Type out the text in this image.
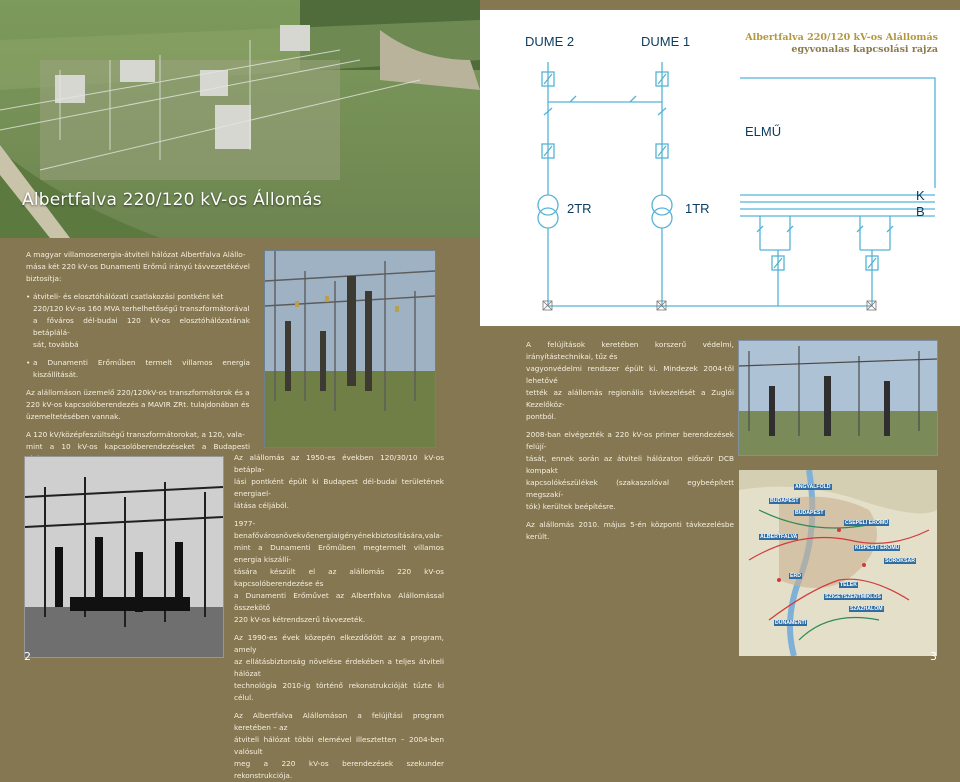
Albertfalva 220/120 kV-os Állomás
A magyar villamosenergia-átviteli hálózat Albertfalva Alállo-
mása két 220 kV-os Dunamenti Erőmű irányú távvezetékével
biztosítja:
• átviteli- és elosztóhálózati csatlakozási pontként két
220/120 kV-os 160 MVA terhelhetőségű transzformátorával
a főváros dél-budai 120 kV-os elosztóhálózatának betáplálá-
sát, továbbá
• a Dunamenti Erőműben termelt villamos energia kiszállítását.
Az alállomáson üzemelő 220/120kV-os transzformátorok és a
220 kV-os kapcsolóberendezés a MAVIR ZRt. tulajdonában és
üzemeltetésében vannak.
A 120 kV/középfeszültségű transzformátorokat, a 120, vala-
mint a 10 kV-os kapcsolóberendezéseket a Budapesti
Az alállomás az 1950-es években 120/30/10 kV-os betápla-
lási pontként épült ki Budapest dél-budai területének energiael-
látása céljából.
1977-benafővárosnövekvőenergiaigényénekbiztosítására,vala-
mint a Dunamenti Erőműben megtermelt villamos energia kiszállí-
tására készült el az alállomás 220 kV-os kapcsolóberendezése és
a Dunamenti Erőművet az Albertfalva Alállomással összekötő
220 kV-os kétrendszerű távvezeték.
Az 1990-es évek közepén elkezdődött az a program, amely
az ellátásbiztonság növelése érdekében a teljes átviteli hálózat
technológia 2010-ig történő rekonstrukcióját tűzte ki célul.
Az Albertfalva Alállomáson a felújítási program keretében – az
átviteli hálózat többi elemével illesztetten – 2004-ben valósult
meg a 220 kV-os berendezések szekunder rekonstrukciója.
2
DUME 2	DUME 1
ELMŰ
2TR	1TR
K
B
Albertfalva 220/120 kV-os Alállomás
egyvonalas kapcsolási rajza
A felújítások keretében korszerű védelmi, irányítástechnikai, tűz és
vagyonvédelmi rendszer épült ki. Mindezek 2004-től lehetővé
tették az alállomás regionális távkezelését a Zuglói Kezelőköz-
pontból.
2008-ban elvégezték a 220 kV-os primer berendezések felújí-
tását, ennek során az átviteli hálózaton először DCB kompakt
kapcsolókészülékek (szakaszolóval egybeépített megszakí-
tók) kerültek beépítésre.
Az alállomás 2010. május 5-én központi távkezelésbe került.
ANGYALFÖLD
BUDAPEST
BUDAPEST
CSEPELI ERŐMŰ
ALBERTFALVA
KISPESTI ERŐMŰ
SOROKSÁR
ÉRD
TELEK
SZIGETSZENTMIKLÓS
SZÁZHALOM
DUNAMENTI
3
